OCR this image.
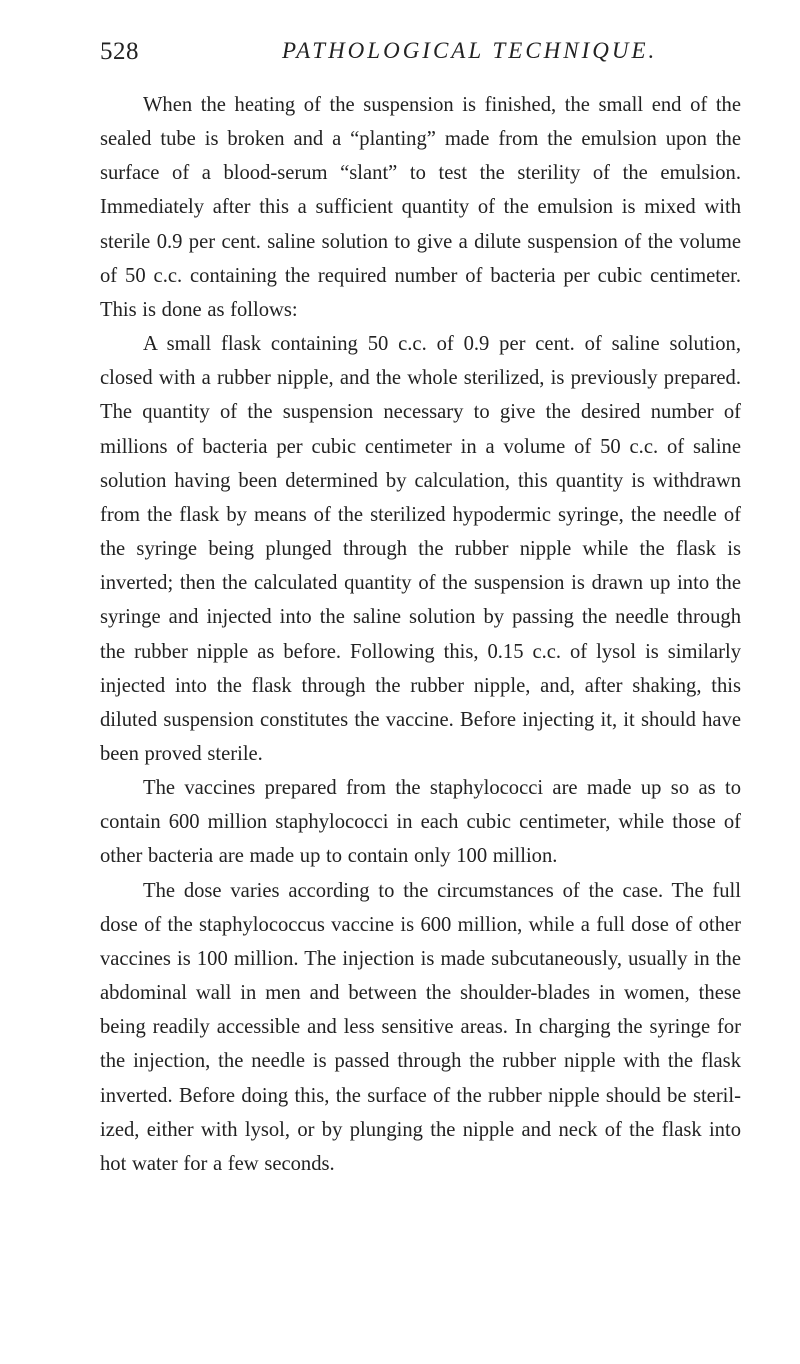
528	PATHOLOGICAL TECHNIQUE.

When the heating of the suspension is finished, the small end of the sealed tube is broken and a “planting” made from the emulsion upon the surface of a blood-serum “slant” to test the sterility of the emulsion. Immediately after this a sufficient quantity of the emulsion is mixed with sterile 0.9 per cent. saline solution to give a dilute suspension of the volume of 50 c.c. containing the required number of bacteria per cubic centimeter. This is done as follows:

A small flask containing 50 c.c. of 0.9 per cent. of saline solution, closed with a rubber nipple, and the whole sterilized, is previously prepared. The quantity of the suspension necessary to give the desired number of millions of bacteria per cubic centimeter in a volume of 50 c.c. of saline solution having been determined by calculation, this quantity is withdrawn from the flask by means of the sterilized hypodermic syringe, the needle of the syringe being plunged through the rubber nipple while the flask is inverted; then the calculated quantity of the suspension is drawn up into the syringe and injected into the saline solution by passing the needle through the rubber nipple as before. Following this, 0.15 c.c. of lysol is similarly injected into the flask through the rubber nipple, and, after shaking, this diluted suspension constitutes the vaccine. Before injecting it, it should have been proved sterile.

The vaccines prepared from the staphylococci are made up so as to contain 600 million staphylococci in each cubic centimeter, while those of other bacteria are made up to contain only 100 million.

The dose varies according to the circumstances of the case. The full dose of the staphylococcus vaccine is 600 million, while a full dose of other vaccines is 100 million. The injection is made subcutaneously, usually in the abdominal wall in men and between the shoulder-blades in women, these being readily accessible and less sensitive areas. In charging the syringe for the injection, the needle is passed through the rubber nipple with the flask inverted. Before doing this, the surface of the rubber nipple should be sterilized, either with lysol, or by plunging the nipple and neck of the flask into hot water for a few seconds.
